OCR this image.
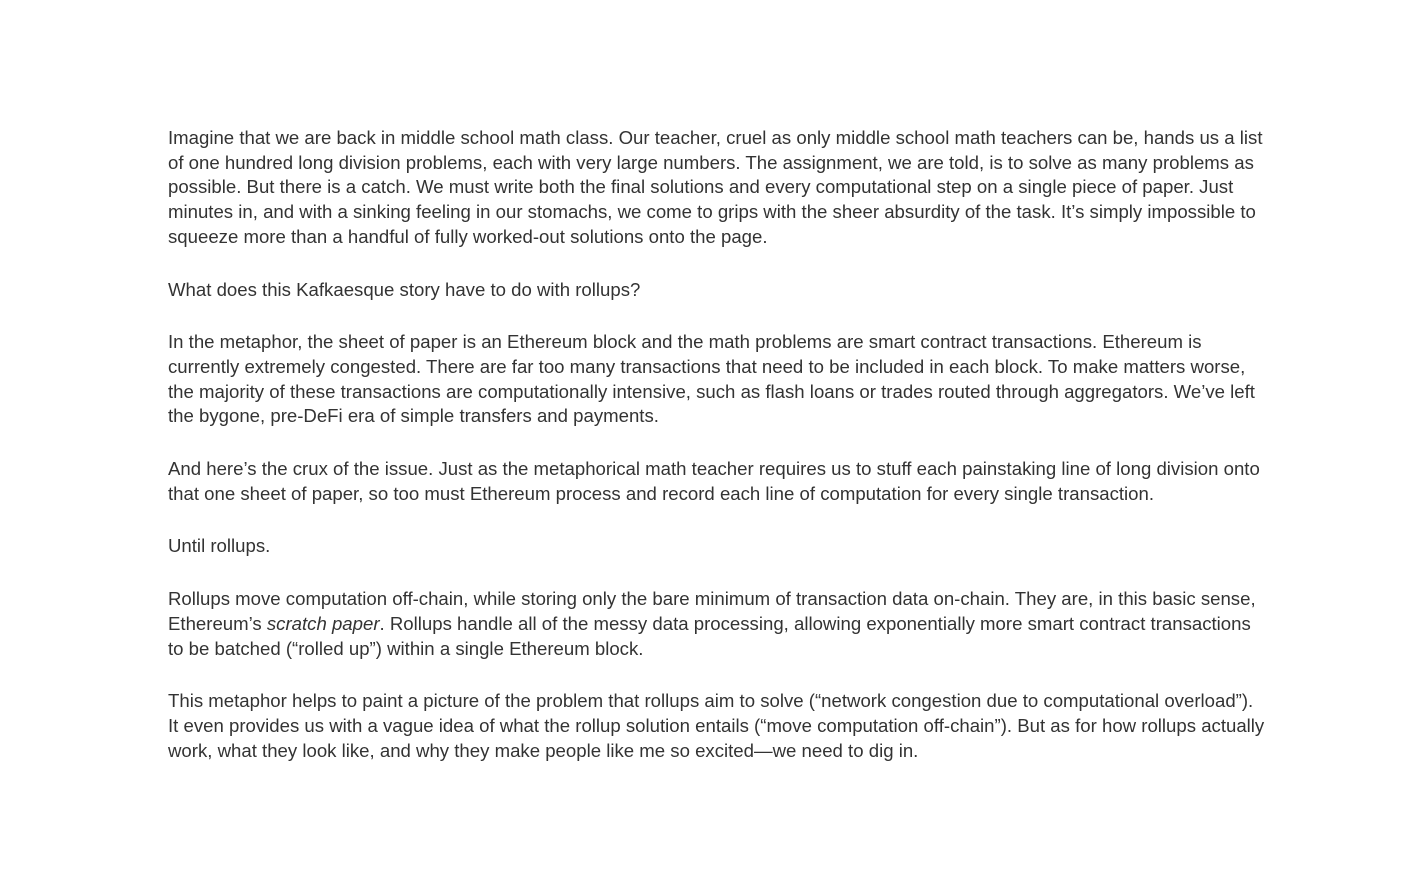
Imagine that we are back in middle school math class. Our teacher, cruel as only middle school math teachers can be, hands us a list of one hundred long division problems, each with very large numbers. The assignment, we are told, is to solve as many problems as possible. But there is a catch. We must write both the final solutions and every computational step on a single piece of paper. Just minutes in, and with a sinking feeling in our stomachs, we come to grips with the sheer absurdity of the task. It’s simply impossible to squeeze more than a handful of fully worked-out solutions onto the page.

What does this Kafkaesque story have to do with rollups?

In the metaphor, the sheet of paper is an Ethereum block and the math problems are smart contract transactions. Ethereum is currently extremely congested. There are far too many transactions that need to be included in each block. To make matters worse, the majority of these transactions are computationally intensive, such as flash loans or trades routed through aggregators. We’ve left the bygone, pre-DeFi era of simple transfers and payments.

And here’s the crux of the issue. Just as the metaphorical math teacher requires us to stuff each painstaking line of long division onto that one sheet of paper, so too must Ethereum process and record each line of computation for every single transaction.

Until rollups.

Rollups move computation off-chain, while storing only the bare minimum of transaction data on-chain. They are, in this basic sense, Ethereum’s scratch paper. Rollups handle all of the messy data processing, allowing exponentially more smart contract transactions to be batched (“rolled up”) within a single Ethereum block.

This metaphor helps to paint a picture of the problem that rollups aim to solve (“network congestion due to computational overload”). It even provides us with a vague idea of what the rollup solution entails (“move computation off-chain”). But as for how rollups actually work, what they look like, and why they make people like me so excited—we need to dig in.
